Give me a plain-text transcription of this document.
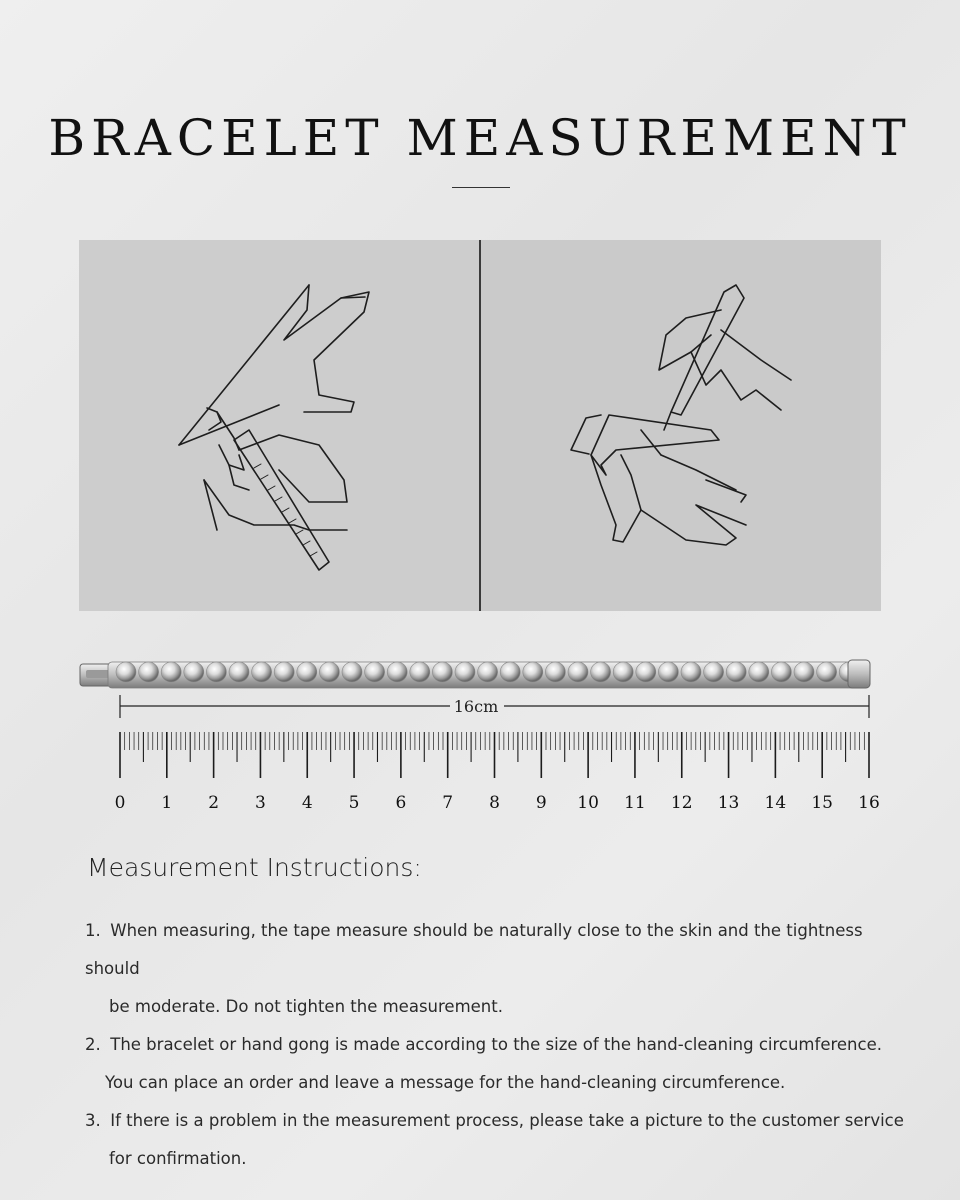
BRACELET MEASUREMENT
16cm
0 1 2 3 4 5 6 7 8 9 10 11 12 13 14 15 16
Measurement Instructions:
1. When measuring, the tape measure should be naturally close to the skin and the tightness should
be moderate. Do not tighten the measurement.
2. The bracelet or hand gong is made according to the size of the hand-cleaning circumference.
You can place an order and leave a message for the hand-cleaning circumference.
3. If there is a problem in the measurement process, please take a picture to the customer service
for confirmation.
